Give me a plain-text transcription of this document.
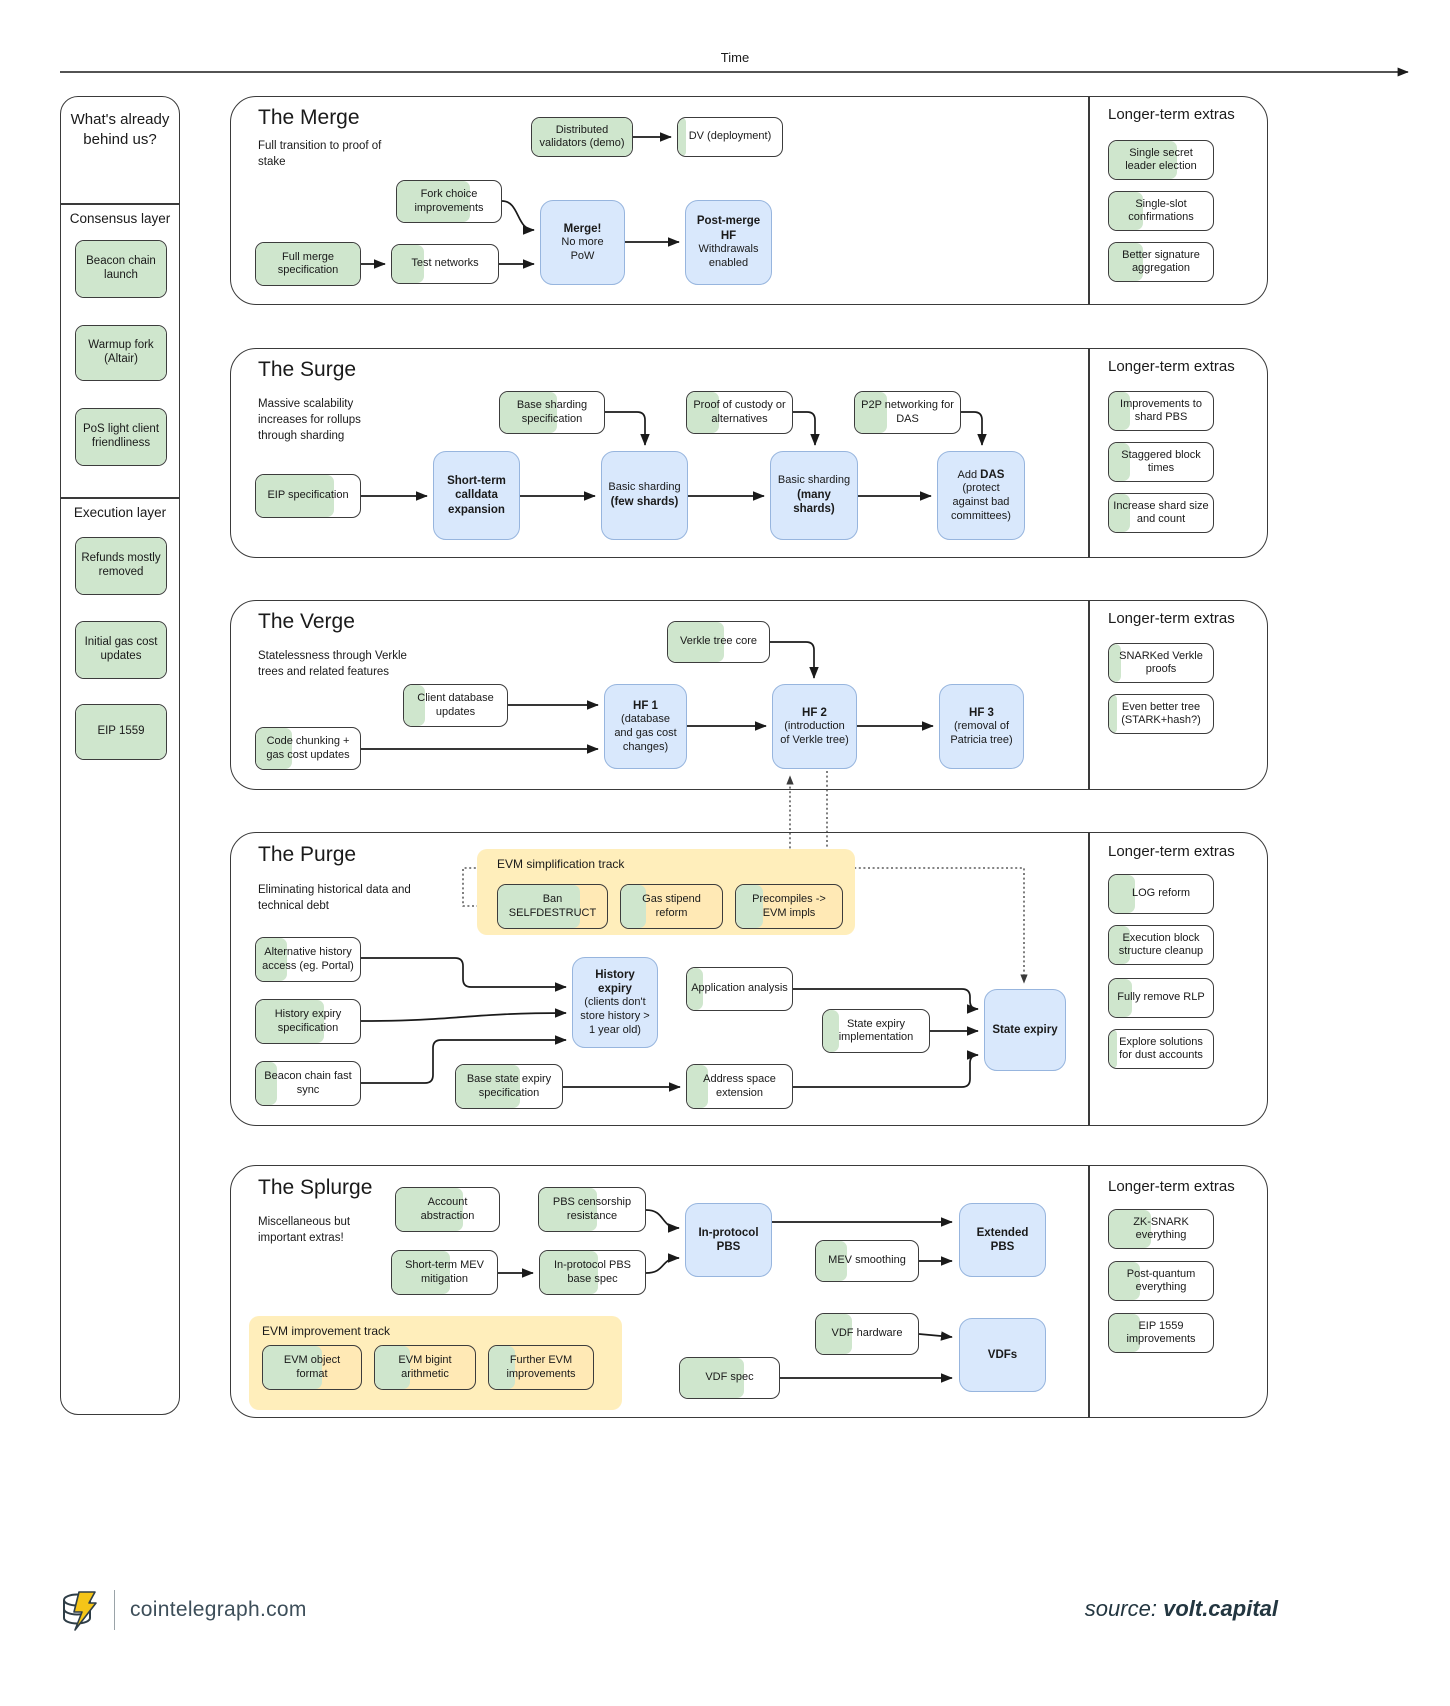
Time
What's already behind us?
Consensus layer
Beacon chain launch
Warmup fork (Altair)
PoS light client friendliness
Execution layer
Refunds mostly removed
Initial gas cost updates
EIP 1559
The Merge
Full transition to proof of stake
Longer-term extras
Distributed validators (demo)
DV (deployment)
Fork choice improvements
Full merge specification
Test networks
Merge!
No more PoW
Post-merge HF
Withdrawals enabled
Single secret leader election
Single-slot confirmations
Better signature aggregation
The Surge
Massive scalability increases for rollups through sharding
Longer-term extras
Base sharding specification
Proof of custody or alternatives
P2P networking for DAS
EIP specification
Short-term calldata expansion
Basic sharding
(few shards)
Basic sharding
(many shards)
Add DAS
(protect against bad committees)
Improvements to shard PBS
Staggered block times
Increase shard size and count
The Verge
Statelessness through Verkle trees and related features
Longer-term extras
Verkle tree core
Client database updates
Code chunking + gas cost updates
HF 1
(database and gas cost changes)
HF 2
(introduction of Verkle tree)
HF 3
(removal of Patricia tree)
SNARKed Verkle proofs
Even better tree (STARK+hash?)
The Purge
Eliminating historical data and technical debt
Longer-term extras
EVM simplification track
Ban SELFDESTRUCT
Gas stipend reform
Precompiles -> EVM impls
Alternative history access (eg. Portal)
History expiry specification
Beacon chain fast sync
History expiry
(clients don't store history > 1 year old)
Application analysis
State expiry implementation
Base state expiry specification
Address space extension
State expiry
LOG reform
Execution block structure cleanup
Fully remove RLP
Explore solutions for dust accounts
The Splurge
Miscellaneous but important extras!
Longer-term extras
Account abstraction
PBS censorship resistance
Short-term MEV mitigation
In-protocol PBS base spec
In-protocol PBS
MEV smoothing
Extended PBS
VDF hardware
VDFs
VDF spec
EVM improvement track
EVM object format
EVM bigint arithmetic
Further EVM improvements
ZK-SNARK everything
Post-quantum everything
EIP 1559 improvements
cointelegraph.com	source: volt.capital
